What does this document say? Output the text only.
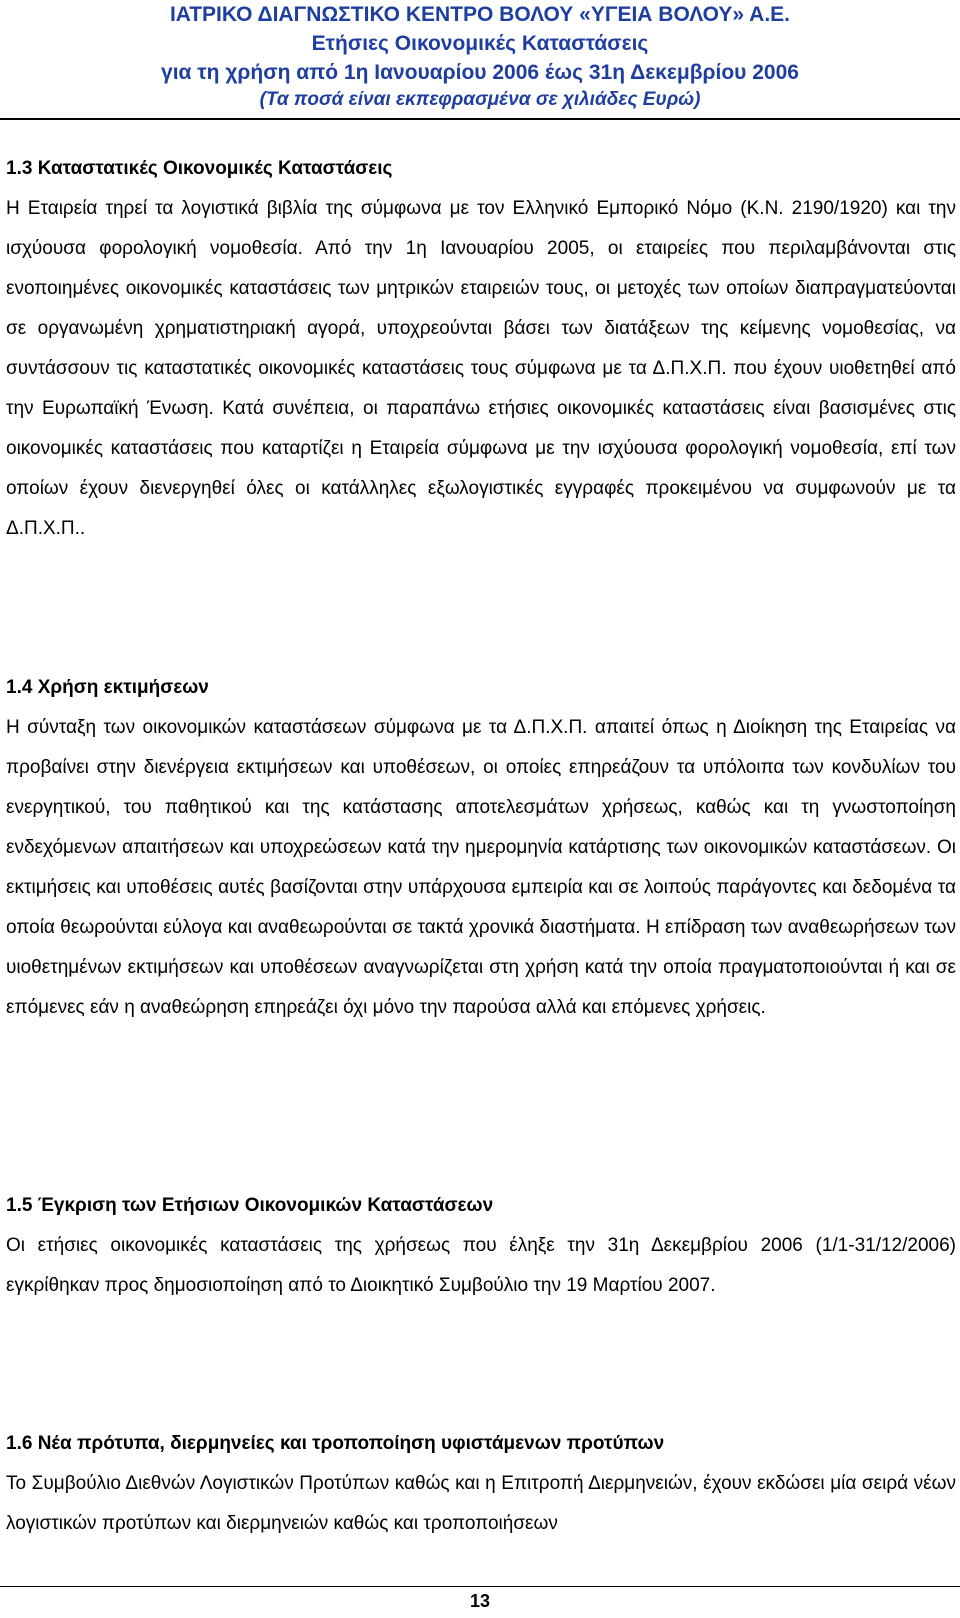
ΙΑΤΡΙΚΟ ΔΙΑΓΝΩΣΤΙΚΟ ΚΕΝΤΡΟ ΒΟΛΟΥ «ΥΓΕΙΑ ΒΟΛΟΥ» Α.Ε.
Ετήσιες Οικονομικές Καταστάσεις
για τη χρήση από 1η Ιανουαρίου 2006 έως 31η Δεκεμβρίου 2006
(Τα ποσά είναι εκπεφρασμένα σε χιλιάδες Ευρώ)
1.3 Καταστατικές Οικονομικές Καταστάσεις

Η Εταιρεία τηρεί τα λογιστικά βιβλία της σύμφωνα με τον Ελληνικό Εμπορικό Νόμο (Κ.Ν. 2190/1920) και την ισχύουσα φορολογική νομοθεσία. Από την 1η Ιανουαρίου 2005, οι εταιρείες που περιλαμβάνονται στις ενοποιημένες οικονομικές καταστάσεις των μητρικών εταιρειών τους, οι μετοχές των οποίων διαπραγματεύονται σε οργανωμένη χρηματιστηριακή αγορά, υποχρεούνται βάσει των διατάξεων της κείμενης νομοθεσίας, να συντάσσουν τις καταστατικές οικονομικές καταστάσεις τους σύμφωνα με τα Δ.Π.Χ.Π. που έχουν υιοθετηθεί από την Ευρωπαϊκή Ένωση. Κατά συνέπεια, οι παραπάνω ετήσιες οικονομικές καταστάσεις είναι βασισμένες στις οικονομικές καταστάσεις που καταρτίζει η Εταιρεία σύμφωνα με την ισχύουσα φορολογική νομοθεσία, επί των οποίων έχουν διενεργηθεί όλες οι κατάλληλες εξωλογιστικές εγγραφές προκειμένου να συμφωνούν με τα Δ.Π.Χ.Π..

1.4 Χρήση εκτιμήσεων

Η σύνταξη των οικονομικών καταστάσεων σύμφωνα με τα Δ.Π.Χ.Π. απαιτεί όπως η Διοίκηση της Εταιρείας να προβαίνει στην διενέργεια εκτιμήσεων και υποθέσεων, οι οποίες επηρεάζουν τα υπόλοιπα των κονδυλίων του ενεργητικού, του παθητικού και της κατάστασης αποτελεσμάτων χρήσεως, καθώς και τη γνωστοποίηση ενδεχόμενων απαιτήσεων και υποχρεώσεων κατά την ημερομηνία κατάρτισης των οικονομικών καταστάσεων. Οι εκτιμήσεις και υποθέσεις αυτές βασίζονται στην υπάρχουσα εμπειρία και σε λοιπούς παράγοντες και δεδομένα τα οποία θεωρούνται εύλογα και αναθεωρούνται σε τακτά χρονικά διαστήματα. Η επίδραση των αναθεωρήσεων των υιοθετημένων εκτιμήσεων και υποθέσεων αναγνωρίζεται στη χρήση κατά την οποία πραγματοποιούνται ή και σε επόμενες εάν η αναθεώρηση επηρεάζει όχι μόνο την παρούσα αλλά και επόμενες χρήσεις.

1.5 Έγκριση των Ετήσιων Οικονομικών Καταστάσεων

Οι ετήσιες οικονομικές καταστάσεις της χρήσεως που έληξε την 31η Δεκεμβρίου 2006 (1/1-31/12/2006) εγκρίθηκαν προς δημοσιοποίηση από το Διοικητικό Συμβούλιο την 19 Μαρτίου 2007.

1.6 Νέα πρότυπα, διερμηνείες και τροποποίηση υφιστάμενων προτύπων

Το Συμβούλιο Διεθνών Λογιστικών Προτύπων καθώς και η Επιτροπή Διερμηνειών, έχουν εκδώσει μία σειρά νέων λογιστικών προτύπων και διερμηνειών καθώς και τροποποιήσεων

13
